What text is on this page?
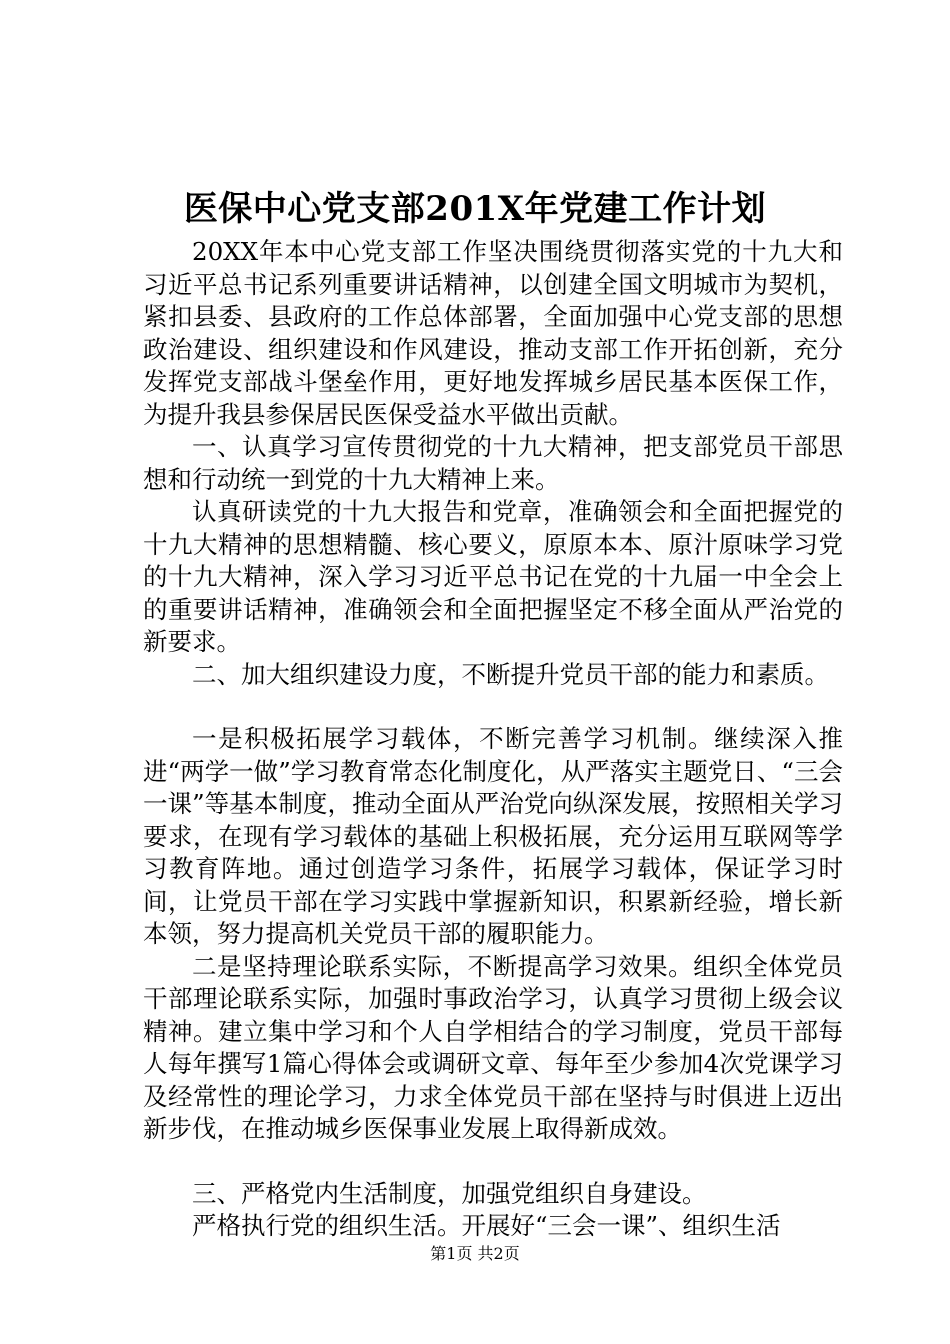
医保中心党支部201X年党建工作计划

20XX年本中心党支部工作坚决围绕贯彻落实党的十九大和习近平总书记系列重要讲话精神，以创建全国文明城市为契机，紧扣县委、县政府的工作总体部署，全面加强中心党支部的思想政治建设、组织建设和作风建设，推动支部工作开拓创新，充分发挥党支部战斗堡垒作用，更好地发挥城乡居民基本医保工作，为提升我县参保居民医保受益水平做出贡献。

一、认真学习宣传贯彻党的十九大精神，把支部党员干部思想和行动统一到党的十九大精神上来。

认真研读党的十九大报告和党章，准确领会和全面把握党的十九大精神的思想精髓、核心要义，原原本本、原汁原味学习党的十九大精神，深入学习习近平总书记在党的十九届一中全会上的重要讲话精神，准确领会和全面把握坚定不移全面从严治党的新要求。

二、加大组织建设力度，不断提升党员干部的能力和素质。

一是积极拓展学习载体，不断完善学习机制。继续深入推进“两学一做”学习教育常态化制度化，从严落实主题党日、“三会一课”等基本制度，推动全面从严治党向纵深发展，按照相关学习要求，在现有学习载体的基础上积极拓展，充分运用互联网等学习教育阵地。通过创造学习条件，拓展学习载体，保证学习时间，让党员干部在学习实践中掌握新知识，积累新经验，增长新本领，努力提高机关党员干部的履职能力。

二是坚持理论联系实际，不断提高学习效果。组织全体党员干部理论联系实际，加强时事政治学习，认真学习贯彻上级会议精神。建立集中学习和个人自学相结合的学习制度，党员干部每人每年撰写1篇心得体会或调研文章、每年至少参加4次党课学习及经常性的理论学习，力求全体党员干部在坚持与时俱进上迈出新步伐，在推动城乡医保事业发展上取得新成效。

三、严格党内生活制度，加强党组织自身建设。

严格执行党的组织生活。开展好“三会一课”、组织生活

第1页 共2页
